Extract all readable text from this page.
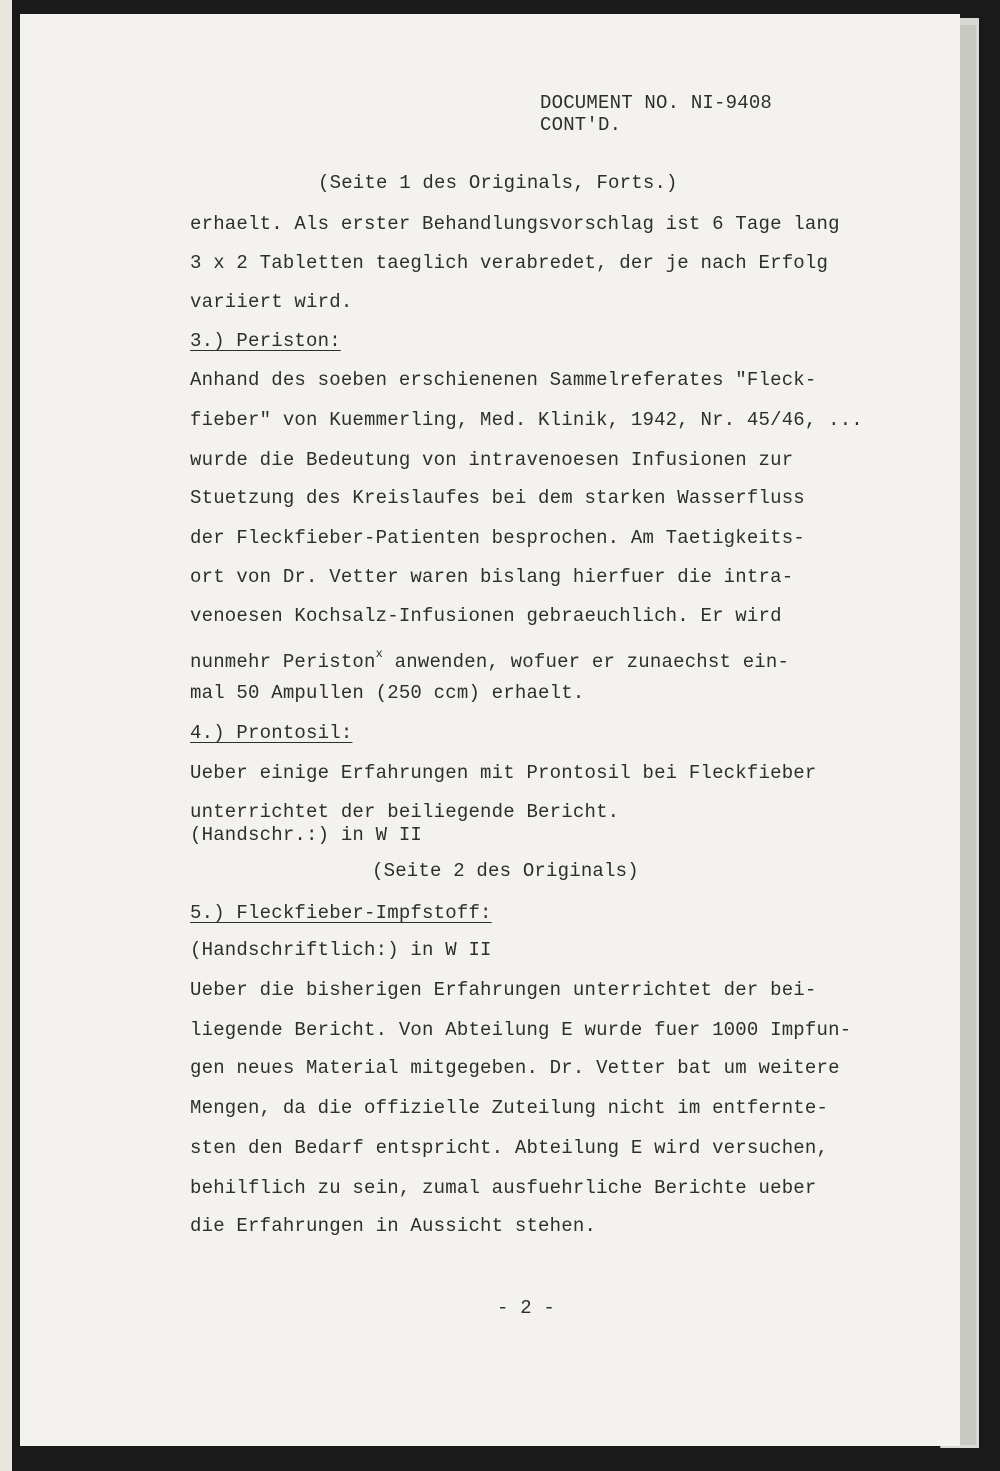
DOCUMENT NO. NI-9408
CONT'D.
(Seite 1 des Originals, Forts.)
erhaelt. Als erster Behandlungsvorschlag ist 6 Tage lang
3 x 2 Tabletten taeglich verabredet, der je nach Erfolg
variiert wird.
3.) Periston:
Anhand des soeben erschienenen Sammelreferates "Fleck-
fieber" von Kuemmerling, Med. Klinik, 1942, Nr. 45/46, ...
wurde die Bedeutung von intravenoesen Infusionen zur
Stuetzung des Kreislaufes bei dem starken Wasserfluss
der Fleckfieber-Patienten besprochen. Am Taetigkeits-
ort von Dr. Vetter waren bislang hierfuer die intra-
venoesen Kochsalz-Infusionen gebraeuchlich. Er wird
nunmehr Periston$^x$ anwenden, wofuer er zunaechst ein-
mal 50 Ampullen (250 ccm) erhaelt.
4.) Prontosil:
Ueber einige Erfahrungen mit Prontosil bei Fleckfieber
unterrichtet der beiliegende Bericht.
(Handschr.:) in W II
(Seite 2 des Originals)
5.) Fleckfieber-Impfstoff:
(Handschriftlich:) in W II
Ueber die bisherigen Erfahrungen unterrichtet der bei-
liegende Bericht. Von Abteilung E wurde fuer 1000 Impfun-
gen neues Material mitgegeben. Dr. Vetter bat um weitere
Mengen, da die offizielle Zuteilung nicht im entfernte-
sten den Bedarf entspricht. Abteilung E wird versuchen,
behilflich zu sein, zumal ausfuehrliche Berichte ueber
die Erfahrungen in Aussicht stehen.
- 2 -
